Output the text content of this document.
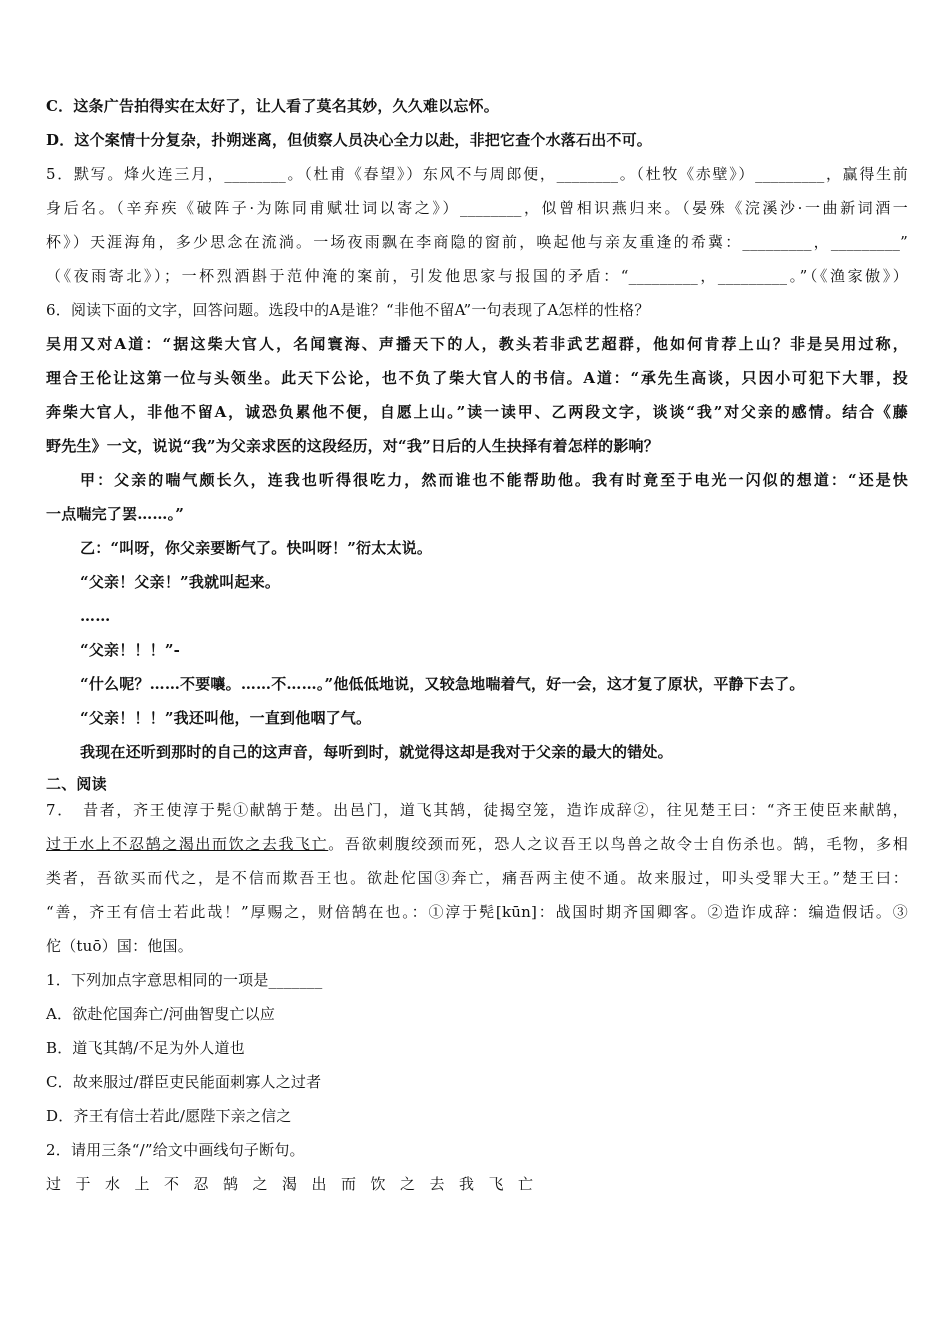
C．这条广告拍得实在太好了，让人看了莫名其妙，久久难以忘怀。
D．这个案情十分复杂，扑朔迷离，但侦察人员决心全力以赴，非把它查个水落石出不可。
5．默写。烽火连三月，________。（杜甫《春望》）东风不与周郎便，________。（杜牧《赤壁》）_________，赢得生前
身后名。（辛弃疾《破阵子·为陈同甫赋壮词以寄之》）________，似曾相识燕归来。（晏殊《浣溪沙·一曲新词酒一
杯》）天涯海角，多少思念在流淌。一场夜雨飘在李商隐的窗前，唤起他与亲友重逢的希冀：_________，_________”
（《夜雨寄北》）；一杯烈酒斟于范仲淹的案前，引发他思家与报国的矛盾：“_________，_________。”（《渔家傲》）
6．阅读下面的文字，回答问题。选段中的A是谁？“非他不留A”一句表现了A怎样的性格？
吴用又对A道：“据这柴大官人，名闻寰海、声播天下的人，教头若非武艺超群，他如何肯荐上山？非是吴用过称，
理合王伦让这第一位与头领坐。此天下公论，也不负了柴大官人的书信。A道：“承先生高谈，只因小可犯下大罪，投
奔柴大官人，非他不留A，诚恐负累他不便，自愿上山。”读一读甲、乙两段文字，谈谈“我”对父亲的感情。结合《藤
野先生》一文，说说“我”为父亲求医的这段经历，对“我”日后的人生抉择有着怎样的影响？
甲：父亲的喘气颇长久，连我也听得很吃力，然而谁也不能帮助他。我有时竟至于电光一闪似的想道：“还是快
一点喘完了罢……。”
乙：“叫呀，你父亲要断气了。快叫呀！”衍太太说。
“父亲！父亲！”我就叫起来。
……
“父亲！！！”-
“什么呢？……不要嚷。……不……。”他低低地说，又较急地喘着气，好一会，这才复了原状，平静下去了。
“父亲！！！”我还叫他，一直到他咽了气。
我现在还听到那时的自己的这声音，每听到时，就觉得这却是我对于父亲的最大的错处。
二、阅读
7．　昔者，齐王使淳于髡①献鹄于楚。出邑门，道飞其鹄，徒揭空笼，造诈成辞②，往见楚王曰：“齐王使臣来献鹄，
过于水上不忍鹄之渴出而饮之去我飞亡。吾欲刺腹绞颈而死，恐人之议吾王以鸟兽之故令士自伤杀也。鹄，毛物，多相
类者，吾欲买而代之，是不信而欺吾王也。欲赴佗国③奔亡，痛吾两主使不通。故来服过，叩头受罪大王。”楚王曰：
“善，齐王有信士若此哉！”厚赐之，财倍鹄在也。：①淳于髡[kūn]：战国时期齐国卿客。②造诈成辞：编造假话。③
佗（tuō）国：他国。
1．下列加点字意思相同的一项是_______
A．欲赴佗国奔亡/河曲智叟亡以应
B．道飞其鹄/不足为外人道也
C．故来服过/群臣吏民能面刺寡人之过者
D．齐王有信士若此/愿陛下亲之信之
2．请用三条“/”给文中画线句子断句。
过于水上不忍鹄之渴出而饮之去我飞亡
